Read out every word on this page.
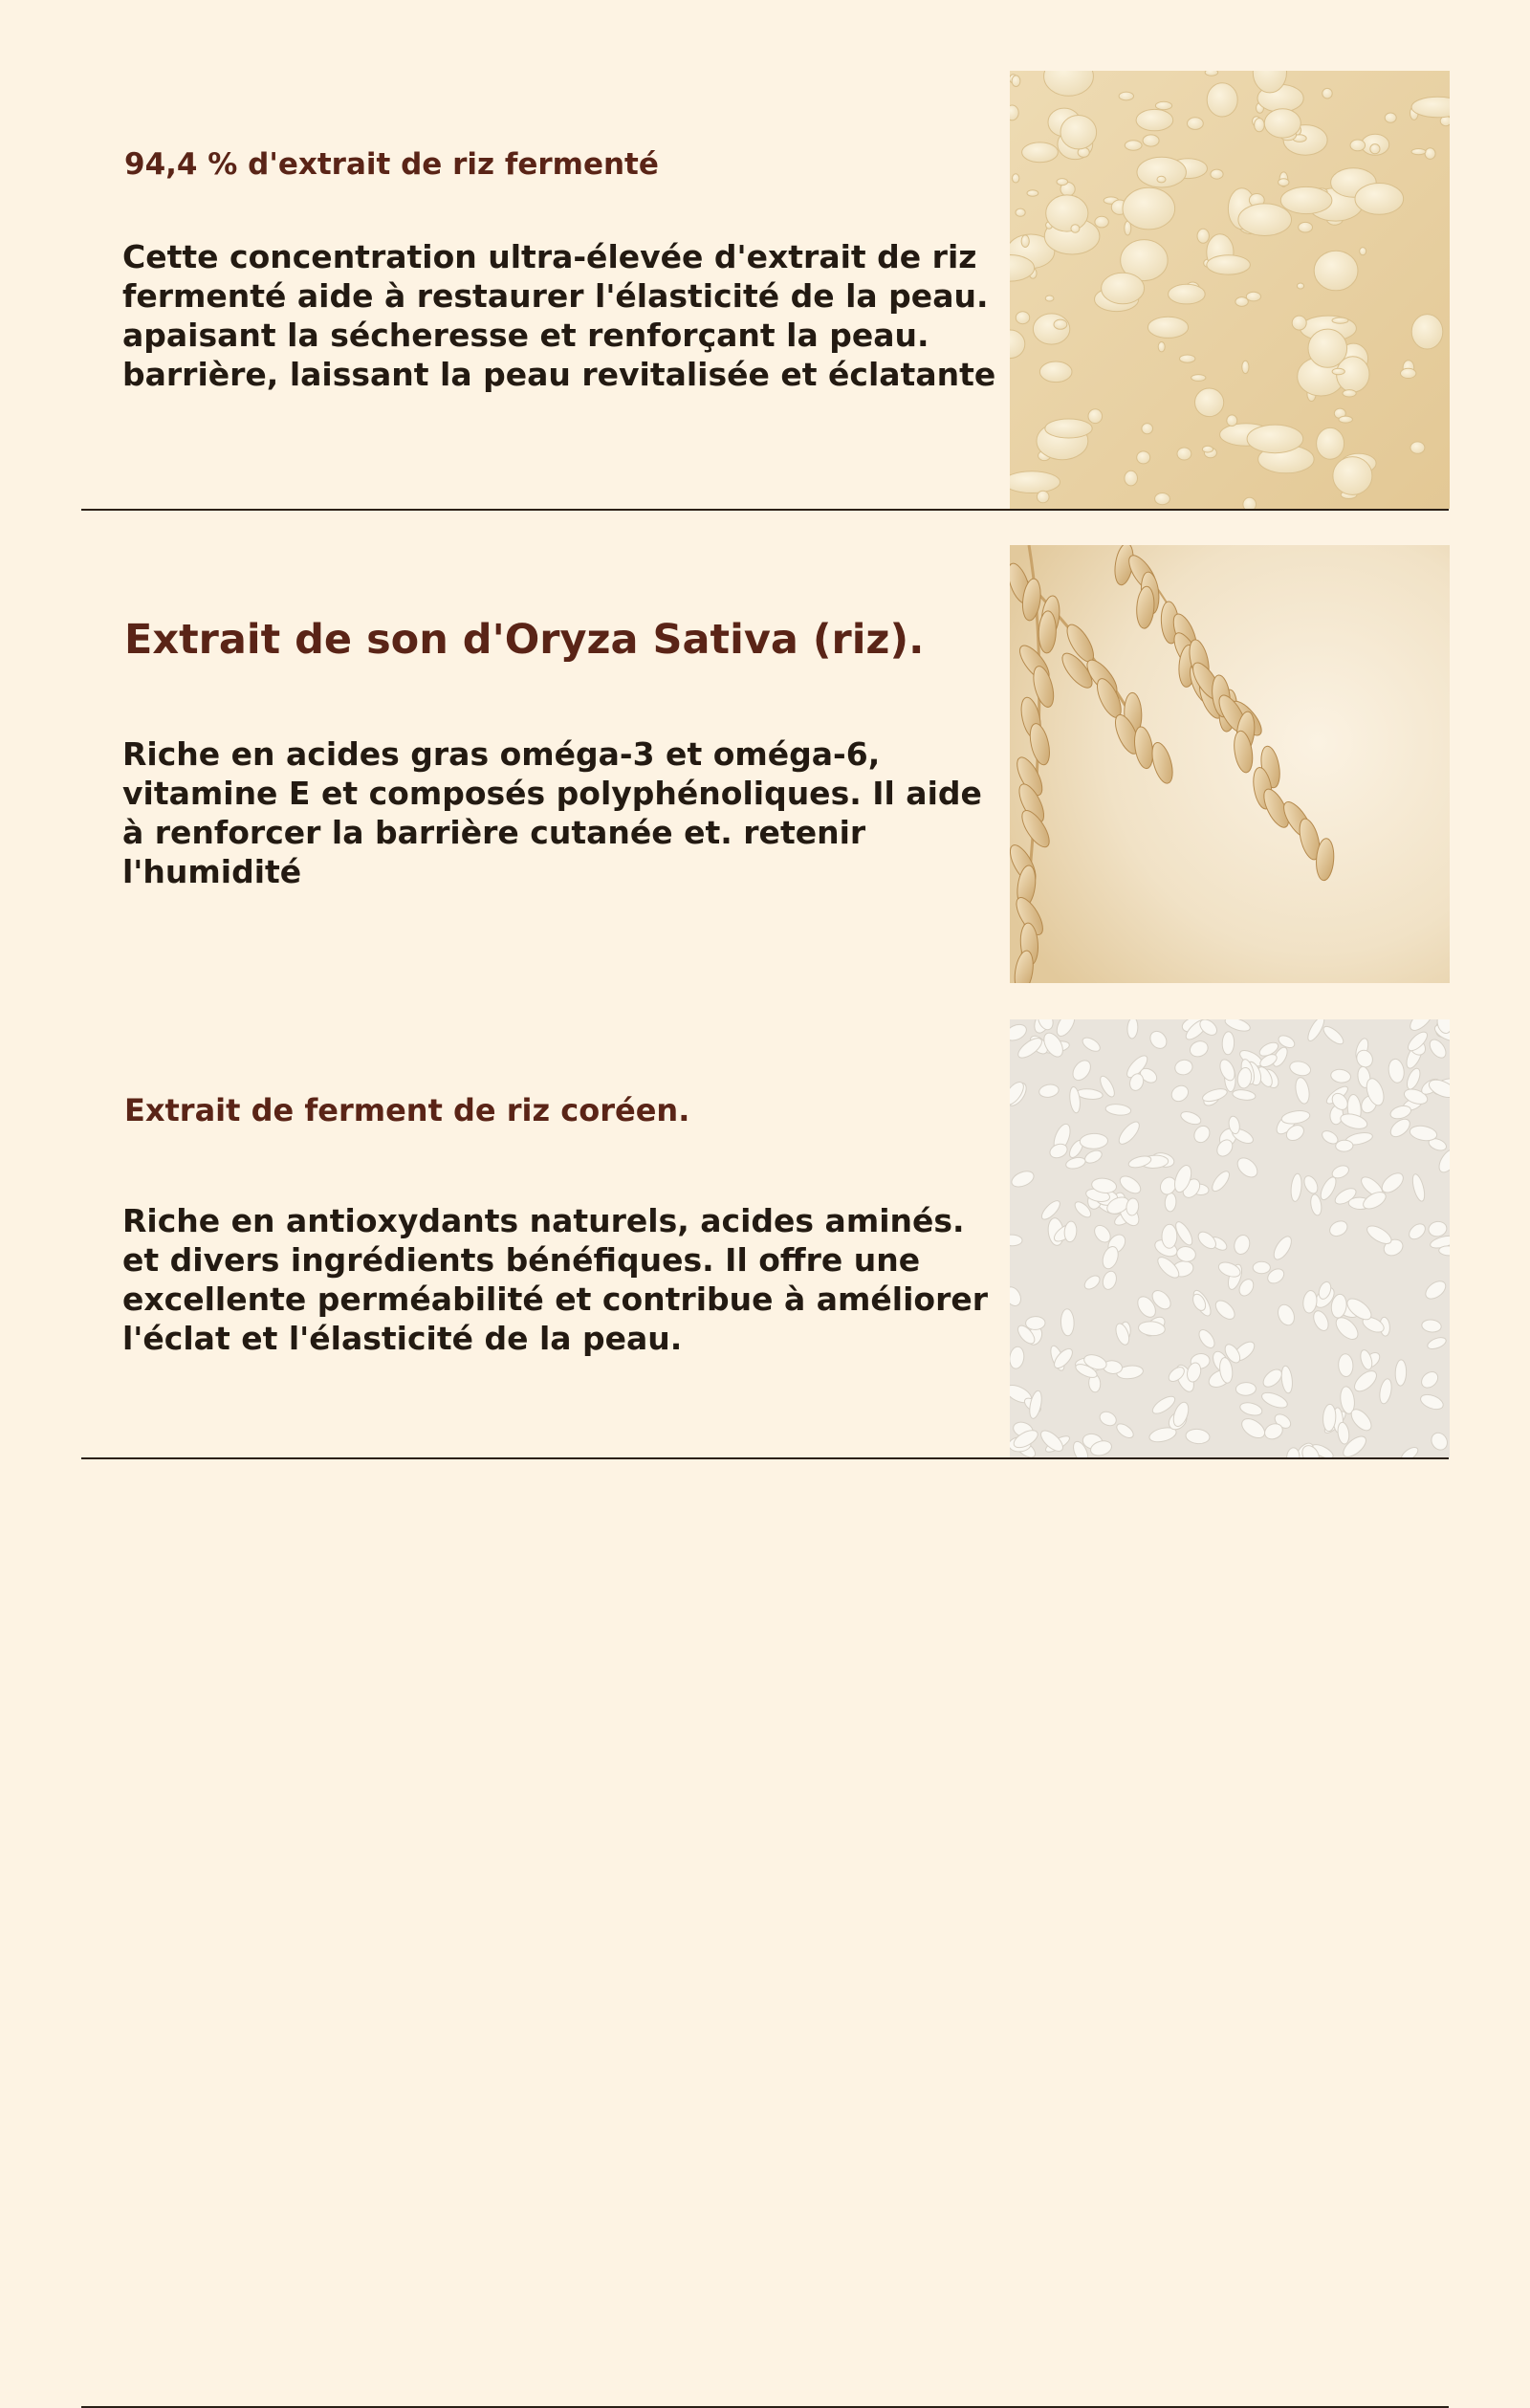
94,4 % d'extrait de riz fermenté

Cette concentration ultra-élevée d'extrait de riz fermenté aide à restaurer l'élasticité de la peau. apaisant la sécheresse et renforçant la peau. barrière, laissant la peau revitalisée et éclatante

Extrait de son d'Oryza Sativa (riz).

Riche en acides gras oméga-3 et oméga-6, vitamine E et composés polyphénoliques. Il aide à renforcer la barrière cutanée et. retenir l'humidité

Extrait de ferment de riz coréen.

Riche en antioxydants naturels, acides aminés. et divers ingrédients bénéfiques. Il offre une excellente perméabilité et contribue à améliorer l'éclat et l'élasticité de la peau.
